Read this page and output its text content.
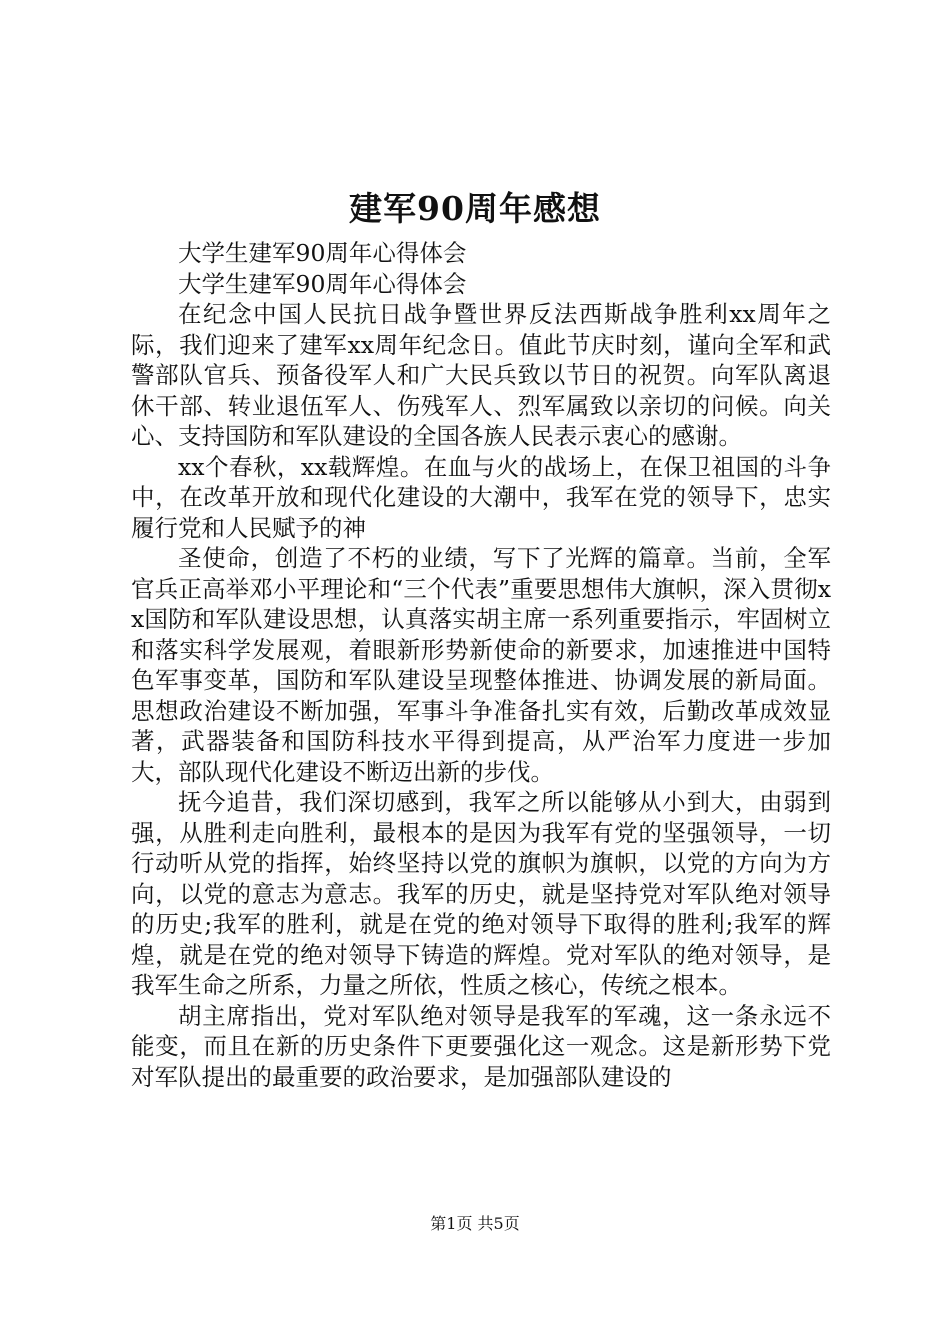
建军90周年感想

大学生建军90周年心得体会

大学生建军90周年心得体会

在纪念中国人民抗日战争暨世界反法西斯战争胜利xx周年之际，我们迎来了建军xx周年纪念日。值此节庆时刻，谨向全军和武警部队官兵、预备役军人和广大民兵致以节日的祝贺。向军队离退休干部、转业退伍军人、伤残军人、烈军属致以亲切的问候。向关心、支持国防和军队建设的全国各族人民表示衷心的感谢。

xx个春秋，xx载辉煌。在血与火的战场上，在保卫祖国的斗争中，在改革开放和现代化建设的大潮中，我军在党的领导下，忠实履行党和人民赋予的神

圣使命，创造了不朽的业绩，写下了光辉的篇章。当前，全军官兵正高举邓小平理论和“三个代表”重要思想伟大旗帜，深入贯彻xx国防和军队建设思想，认真落实胡主席一系列重要指示，牢固树立和落实科学发展观，着眼新形势新使命的新要求，加速推进中国特色军事变革，国防和军队建设呈现整体推进、协调发展的新局面。思想政治建设不断加强，军事斗争准备扎实有效，后勤改革成效显著，武器装备和国防科技水平得到提高，从严治军力度进一步加大，部队现代化建设不断迈出新的步伐。

抚今追昔，我们深切感到，我军之所以能够从小到大，由弱到强，从胜利走向胜利，最根本的是因为我军有党的坚强领导，一切行动听从党的指挥，始终坚持以党的旗帜为旗帜，以党的方向为方向，以党的意志为意志。我军的历史，就是坚持党对军队绝对领导的历史;我军的胜利，就是在党的绝对领导下取得的胜利;我军的辉煌，就是在党的绝对领导下铸造的辉煌。党对军队的绝对领导，是我军生命之所系，力量之所依，性质之核心，传统之根本。

胡主席指出，党对军队绝对领导是我军的军魂，这一条永远不能变，而且在新的历史条件下更要强化这一观念。这是新形势下党对军队提出的最重要的政治要求，是加强部队建设的

第1页 共5页
